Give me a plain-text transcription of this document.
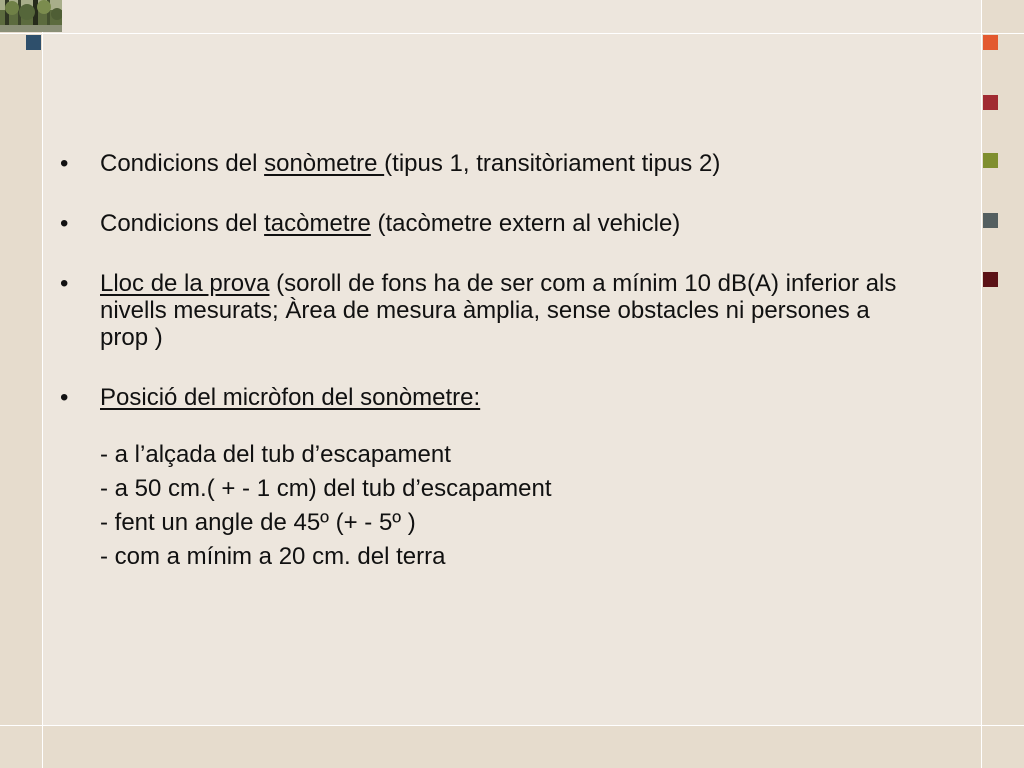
•	Condicions del sonòmetre (tipus 1, transitòriament tipus 2)
•	Condicions del tacòmetre (tacòmetre extern al vehicle)
•	Lloc de la prova (soroll de fons ha de ser com a mínim 10 dB(A) inferior als nivells mesurats; Àrea de mesura àmplia, sense obstacles ni persones a prop )
•	Posició del micròfon del sonòmetre:
- a l’alçada del tub d’escapament
- a 50 cm.( + - 1 cm) del tub d’escapament
- fent un angle de 45º (+ - 5º )
- com a mínim a 20 cm. del terra
